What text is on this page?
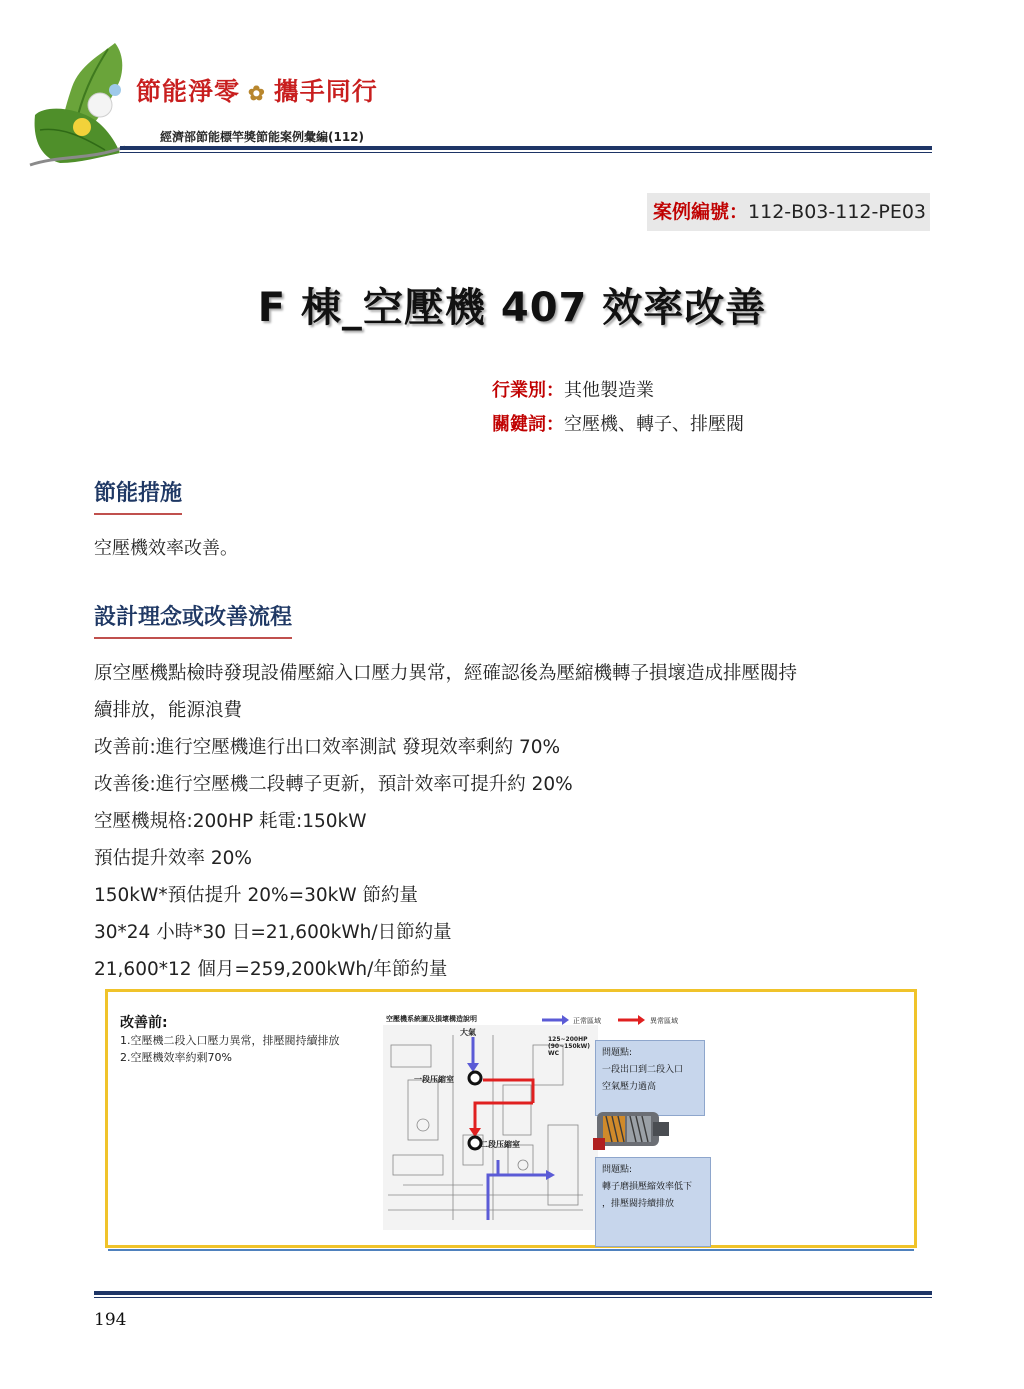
節能淨零 ✿ 攜手同行
經濟部節能標竿獎節能案例彙編(112)
案例編號：112-B03-112-PE03
F 棟_空壓機 407 效率改善
行業別：其他製造業
關鍵詞：空壓機、轉子、排壓閥
節能措施
空壓機效率改善。
設計理念或改善流程
原空壓機點檢時發現設備壓縮入口壓力異常，經確認後為壓縮機轉子損壞造成排壓閥持
續排放，能源浪費
改善前:進行空壓機進行出口效率測試 發現效率剩約 70%
改善後:進行空壓機二段轉子更新，預計效率可提升約 20%
空壓機規格:200HP 耗電:150kW
預估提升效率 20%
150kW*預估提升 20%=30kW 節約量
30*24 小時*30 日=21,600kWh/日節約量
21,600*12 個月=259,200kWh/年節約量
改善前:
1.空壓機二段入口壓力異常，排壓閥持續排放
2.空壓機效率約剩70%
空壓機系統圖及損壞構造說明	正常區域	異常區域
大氣
一段压縮室
二段压縮室
125~200HP
(90~150kW)
WC	問題點:
一段出口到二段入口
空氣壓力過高
問題點:
轉子磨損壓縮效率低下
，排壓閥持續排放
194
